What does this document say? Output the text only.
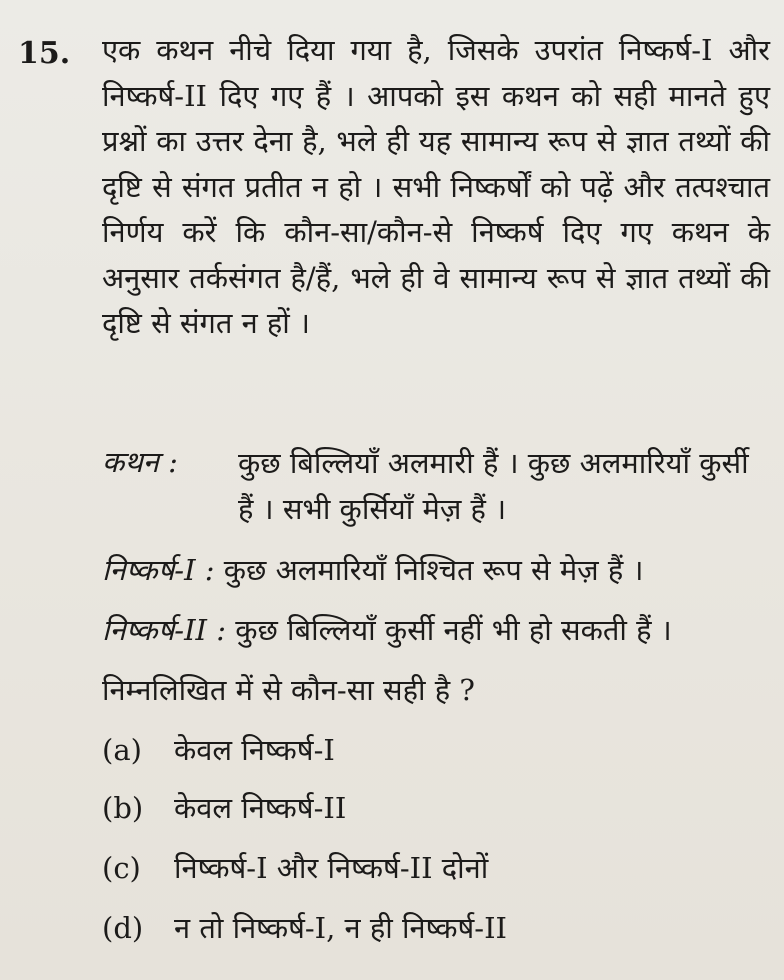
15. एक कथन नीचे दिया गया है, जिसके उपरांत निष्कर्ष-I और निष्कर्ष-II दिए गए हैं । आपको इस कथन को सही मानते हुए प्रश्नों का उत्तर देना है, भले ही यह सामान्य रूप से ज्ञात तथ्यों की दृष्टि से संगत प्रतीत न हो । सभी निष्कर्षों को पढ़ें और तत्पश्चात निर्णय करें कि कौन-सा/कौन-से निष्कर्ष दिए गए कथन के अनुसार तर्कसंगत है/हैं, भले ही वे सामान्य रूप से ज्ञात तथ्यों की दृष्टि से संगत न हों ।
कथन : कुछ बिल्लियाँ अलमारी हैं । कुछ अलमारियाँ कुर्सी हैं । सभी कुर्सियाँ मेज़ हैं ।
निष्कर्ष-I : कुछ अलमारियाँ निश्चित रूप से मेज़ हैं ।
निष्कर्ष-II : कुछ बिल्लियाँ कुर्सी नहीं भी हो सकती हैं ।
निम्नलिखित में से कौन-सा सही है ?
(a) केवल निष्कर्ष-I
(b) केवल निष्कर्ष-II
(c) निष्कर्ष-I और निष्कर्ष-II दोनों
(d) न तो निष्कर्ष-I, न ही निष्कर्ष-II
